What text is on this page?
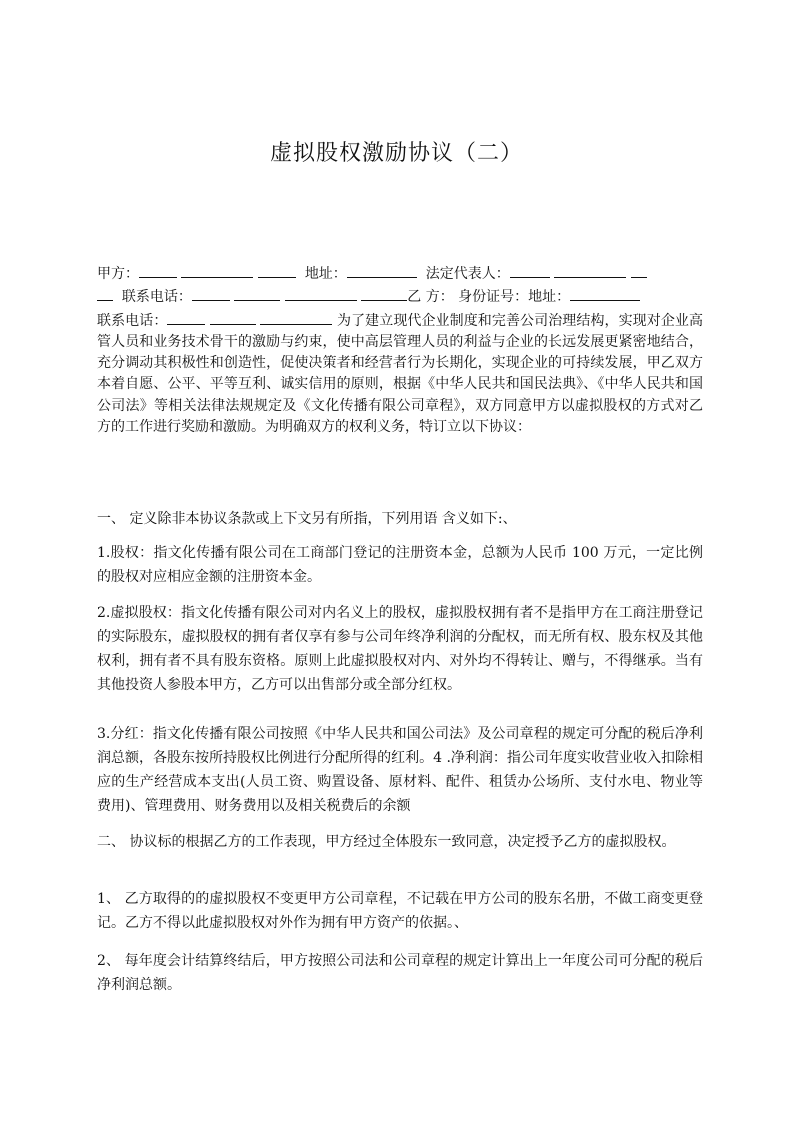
虚拟股权激励协议（二）
甲方：	地址：	法定代表人：
联系电话：	乙 方： 身份证号：地址：
联系电话：	为了建立现代企业制度和完善公司治理结构，实现对企业高管人员和业务技术骨干的激励与约束，使中高层管理人员的利益与企业的长远发展更紧密地结合，充分调动其积极性和创造性，促使决策者和经营者行为长期化，实现企业的可持续发展，甲乙双方本着自愿、公平、平等互利、诚实信用的原则，根据《中华人民共和国民法典》、《中华人民共和国公司法》等相关法律法规规定及《文化传播有限公司章程》，双方同意甲方以虚拟股权的方式对乙方的工作进行奖励和激励。为明确双方的权利义务，特订立以下协议：

一、 定义除非本协议条款或上下文另有所指，下列用语 含义如下:、

1.股权：指文化传播有限公司在工商部门登记的注册资本金，总额为人民币 100 万元，一定比例的股权对应相应金额的注册资本金。

2.虚拟股权：指文化传播有限公司对内名义上的股权，虚拟股权拥有者不是指甲方在工商注册登记的实际股东，虚拟股权的拥有者仅享有参与公司年终净利润的分配权，而无所有权、股东权及其他权利，拥有者不具有股东资格。原则上此虚拟股权对内、对外均不得转让、赠与，不得继承。当有其他投资人参股本甲方，乙方可以出售部分或全部分红权。

3.分红：指文化传播有限公司按照《中华人民共和国公司法》及公司章程的规定可分配的税后净利润总额，各股东按所持股权比例进行分配所得的红利。4 .净利润：指公司年度实收营业收入扣除相应的生产经营成本支出(人员工资、购置设备、原材料、配件、租赁办公场所、支付水电、物业等费用)、管理费用、财务费用以及相关税费后的余额

二、 协议标的根据乙方的工作表现，甲方经过全体股东一致同意，决定授予乙方的虚拟股权。

1、 乙方取得的的虚拟股权不变更甲方公司章程，不记载在甲方公司的股东名册，不做工商变更登记。乙方不得以此虚拟股权对外作为拥有甲方资产的依据。、

2、 每年度会计结算终结后，甲方按照公司法和公司章程的规定计算出上一年度公司可分配的税后净利润总额。
